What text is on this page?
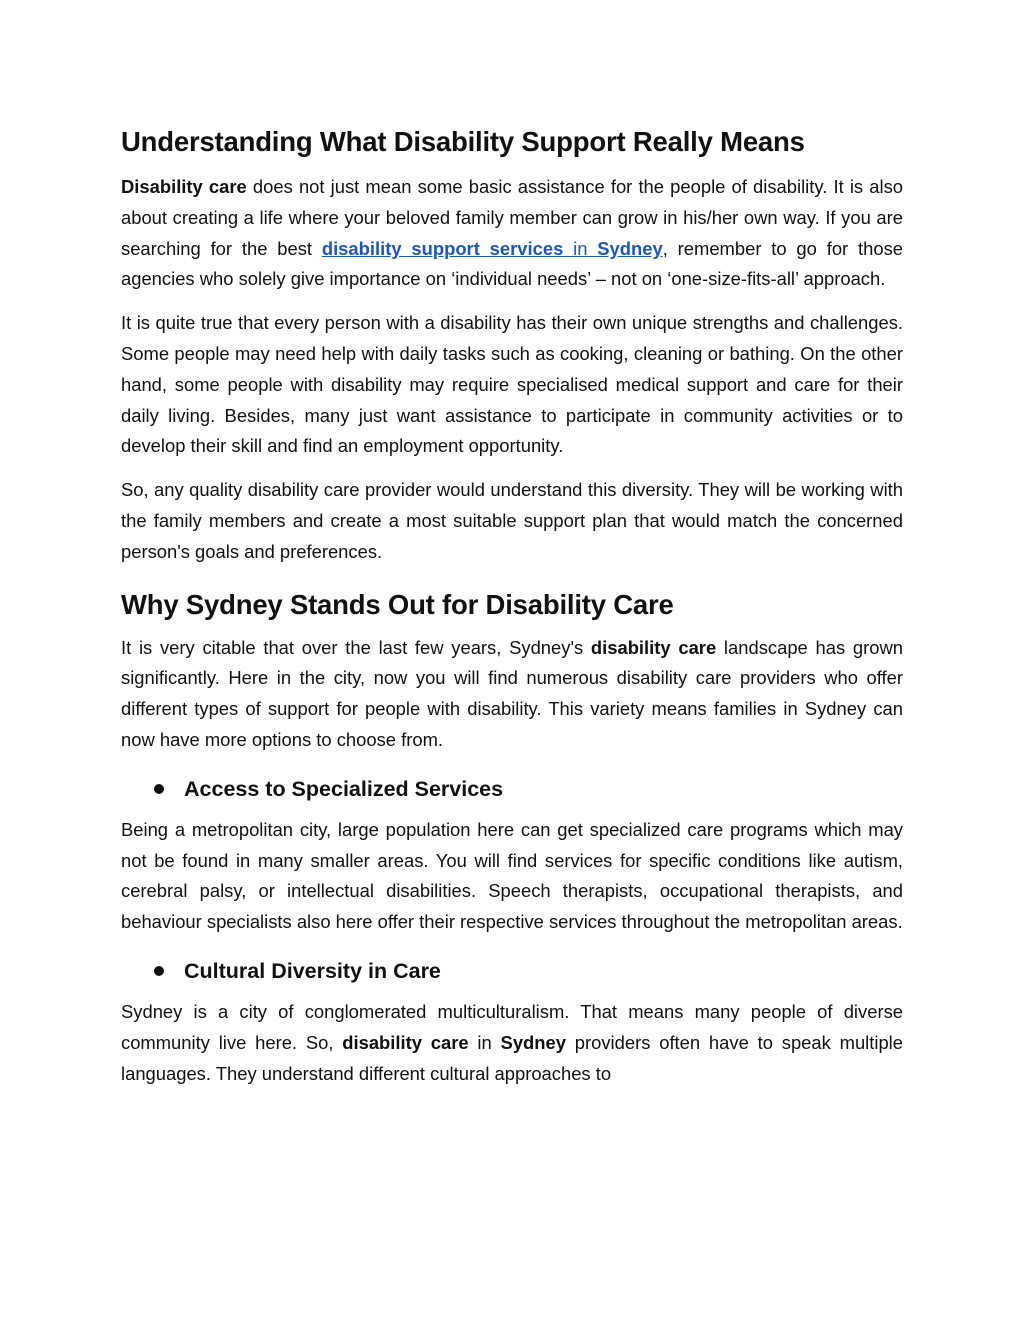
Understanding What Disability Support Really Means

Disability care does not just mean some basic assistance for the people of disability. It is also about creating a life where your beloved family member can grow in his/her own way. If you are searching for the best disability support services in Sydney, remember to go for those agencies who solely give importance on ‘individual needs’ – not on ‘one-size-fits-all’ approach.

It is quite true that every person with a disability has their own unique strengths and challenges. Some people may need help with daily tasks such as cooking, cleaning or bathing. On the other hand, some people with disability may require specialised medical support and care for their daily living. Besides, many just want assistance to participate in community activities or to develop their skill and find an employment opportunity.

So, any quality disability care provider would understand this diversity. They will be working with the family members and create a most suitable support plan that would match the concerned person's goals and preferences.

Why Sydney Stands Out for Disability Care

It is very citable that over the last few years, Sydney's disability care landscape has grown significantly. Here in the city, now you will find numerous disability care providers who offer different types of support for people with disability. This variety means families in Sydney can now have more options to choose from.

Access to Specialized Services

Being a metropolitan city, large population here can get specialized care programs which may not be found in many smaller areas. You will find services for specific conditions like autism, cerebral palsy, or intellectual disabilities. Speech therapists, occupational therapists, and behaviour specialists also here offer their respective services throughout the metropolitan areas.

Cultural Diversity in Care

Sydney is a city of conglomerated multiculturalism. That means many people of diverse community live here. So, disability care in Sydney providers often have to speak multiple languages. They understand different cultural approaches to
